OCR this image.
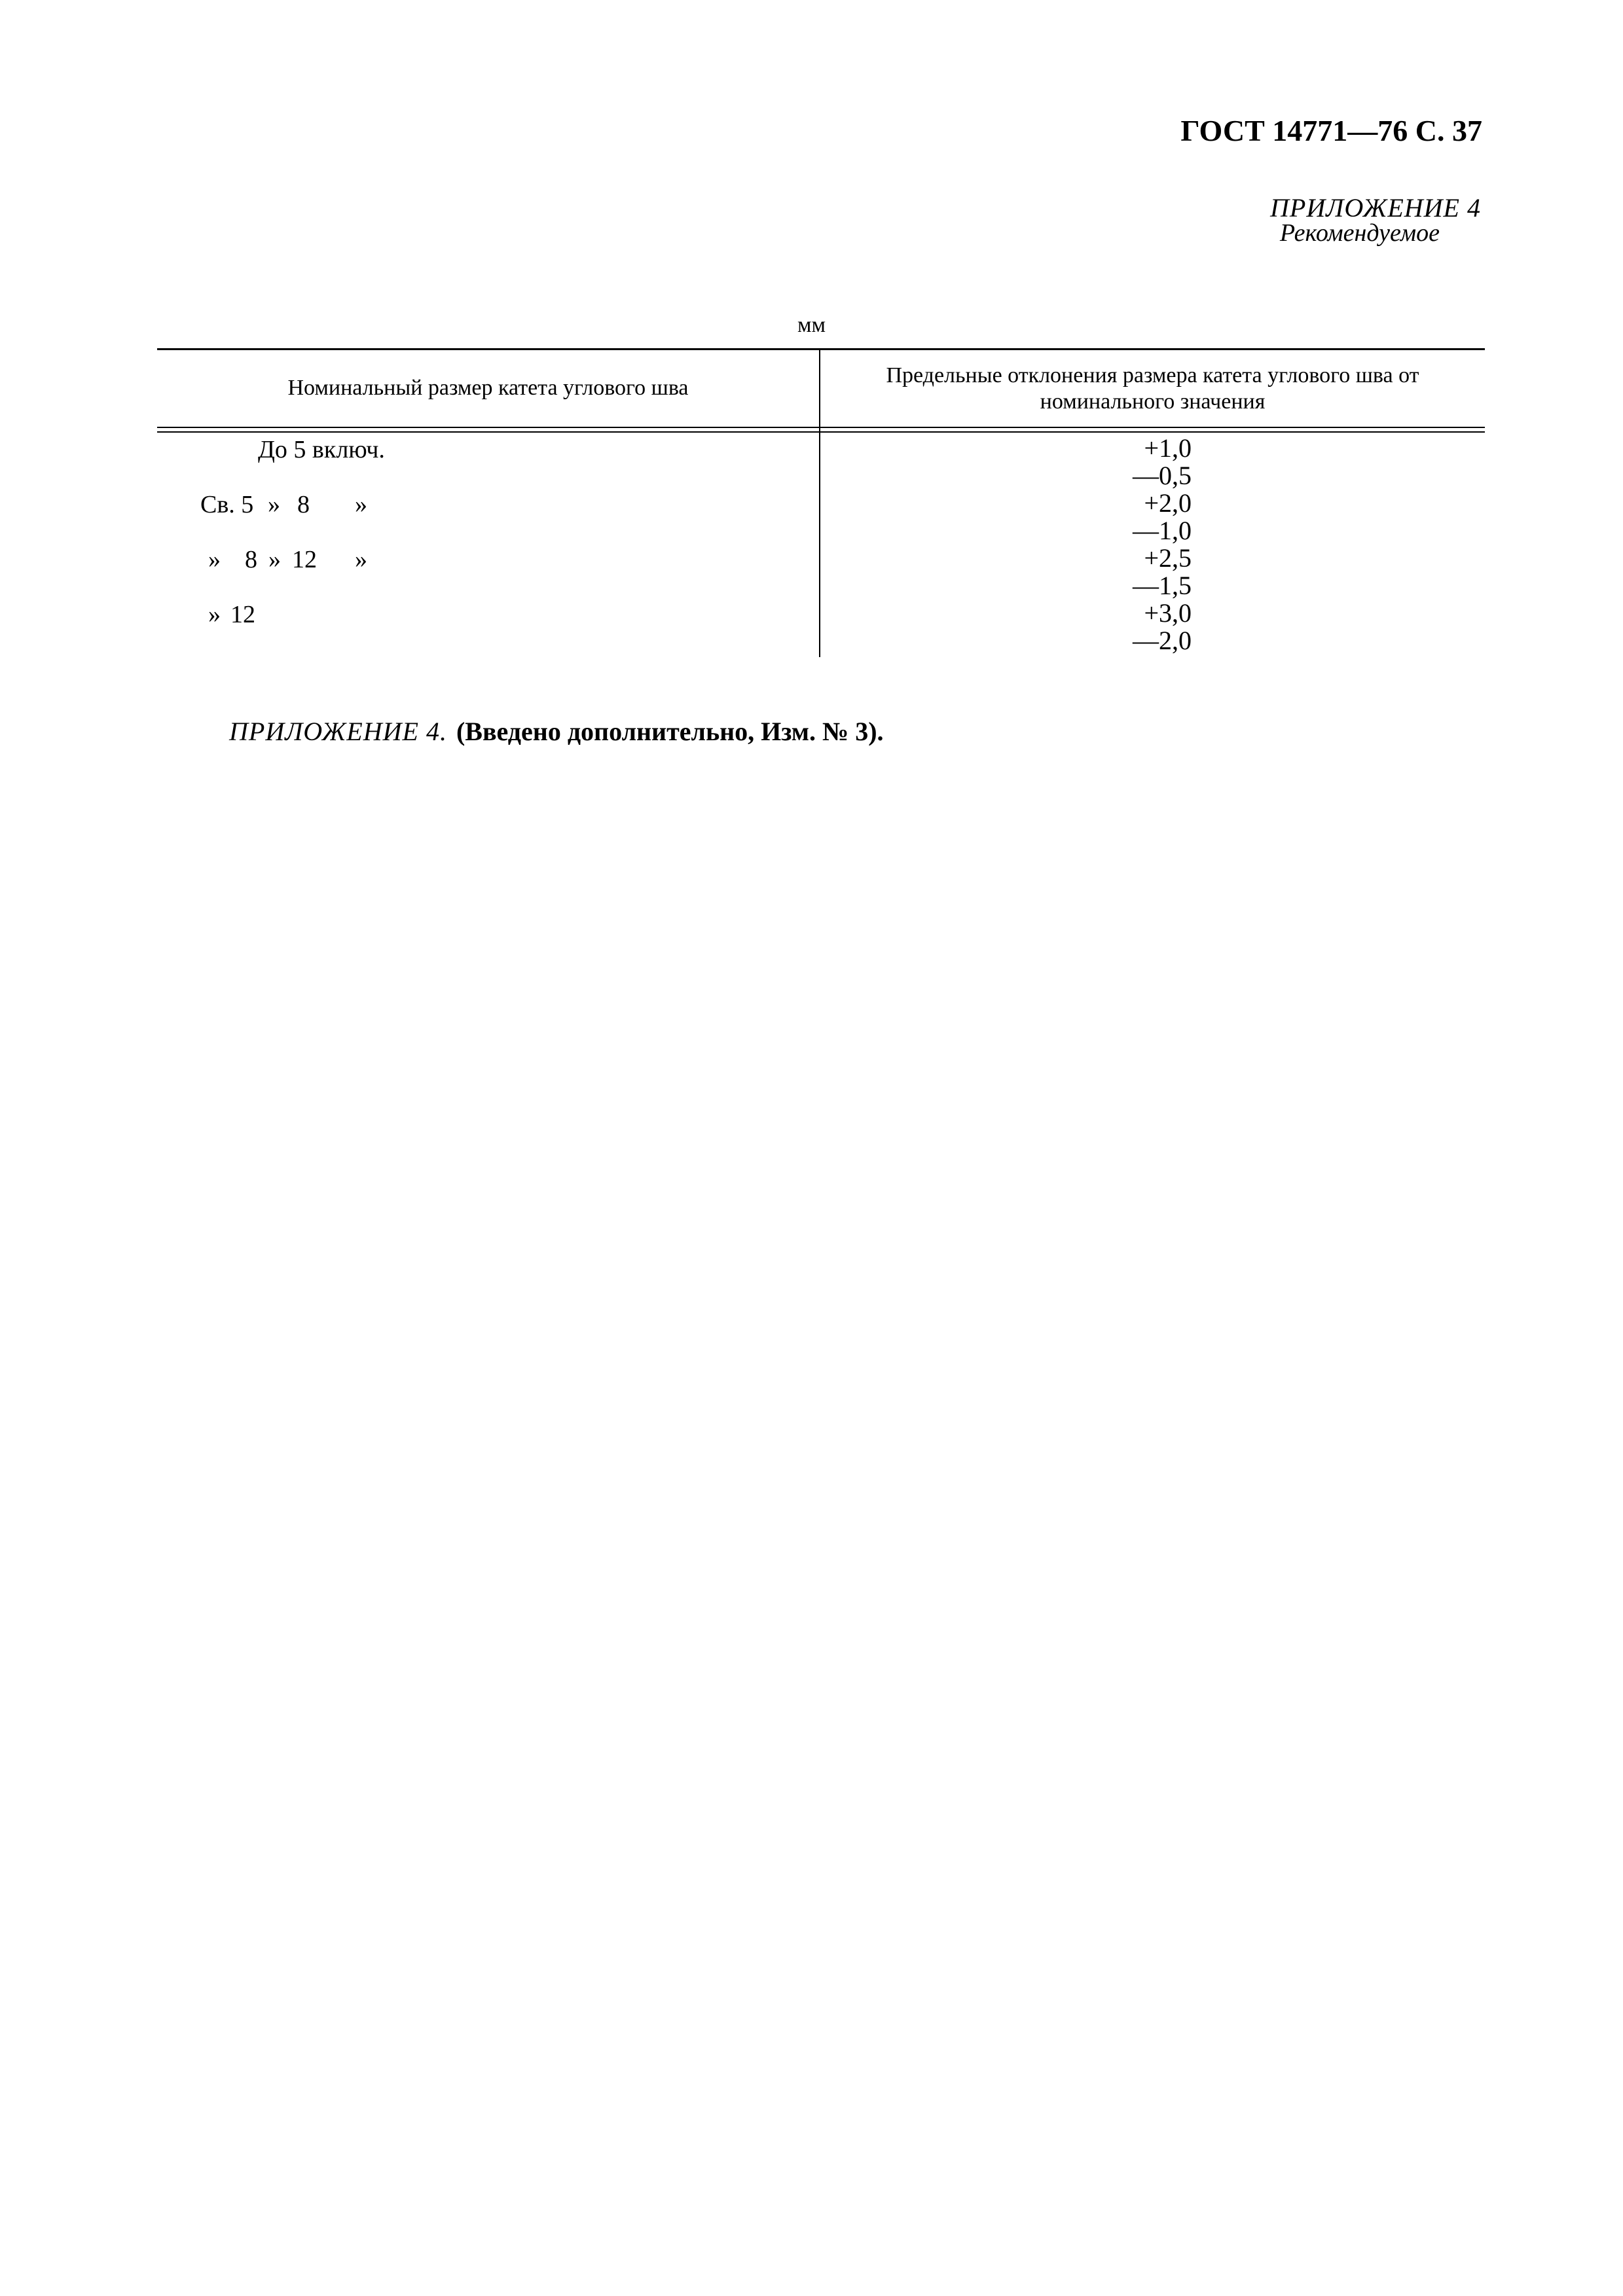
ГОСТ 14771—76 С. 37
ПРИЛОЖЕНИЕ 4
Рекомендуемое
мм
Номинальный размер катета углового шва
Предельные отклонения размера катета углового шва от номинального значения
До 5 включ.	+1,0
—0,5
Св. 5 » 8 »	+2,0
—1,0
» 8 » 12 »	+2,5
—1,5
» 12	+3,0
—2,0
ПРИЛОЖЕНИЕ 4. (Введено дополнительно, Изм. № 3).
